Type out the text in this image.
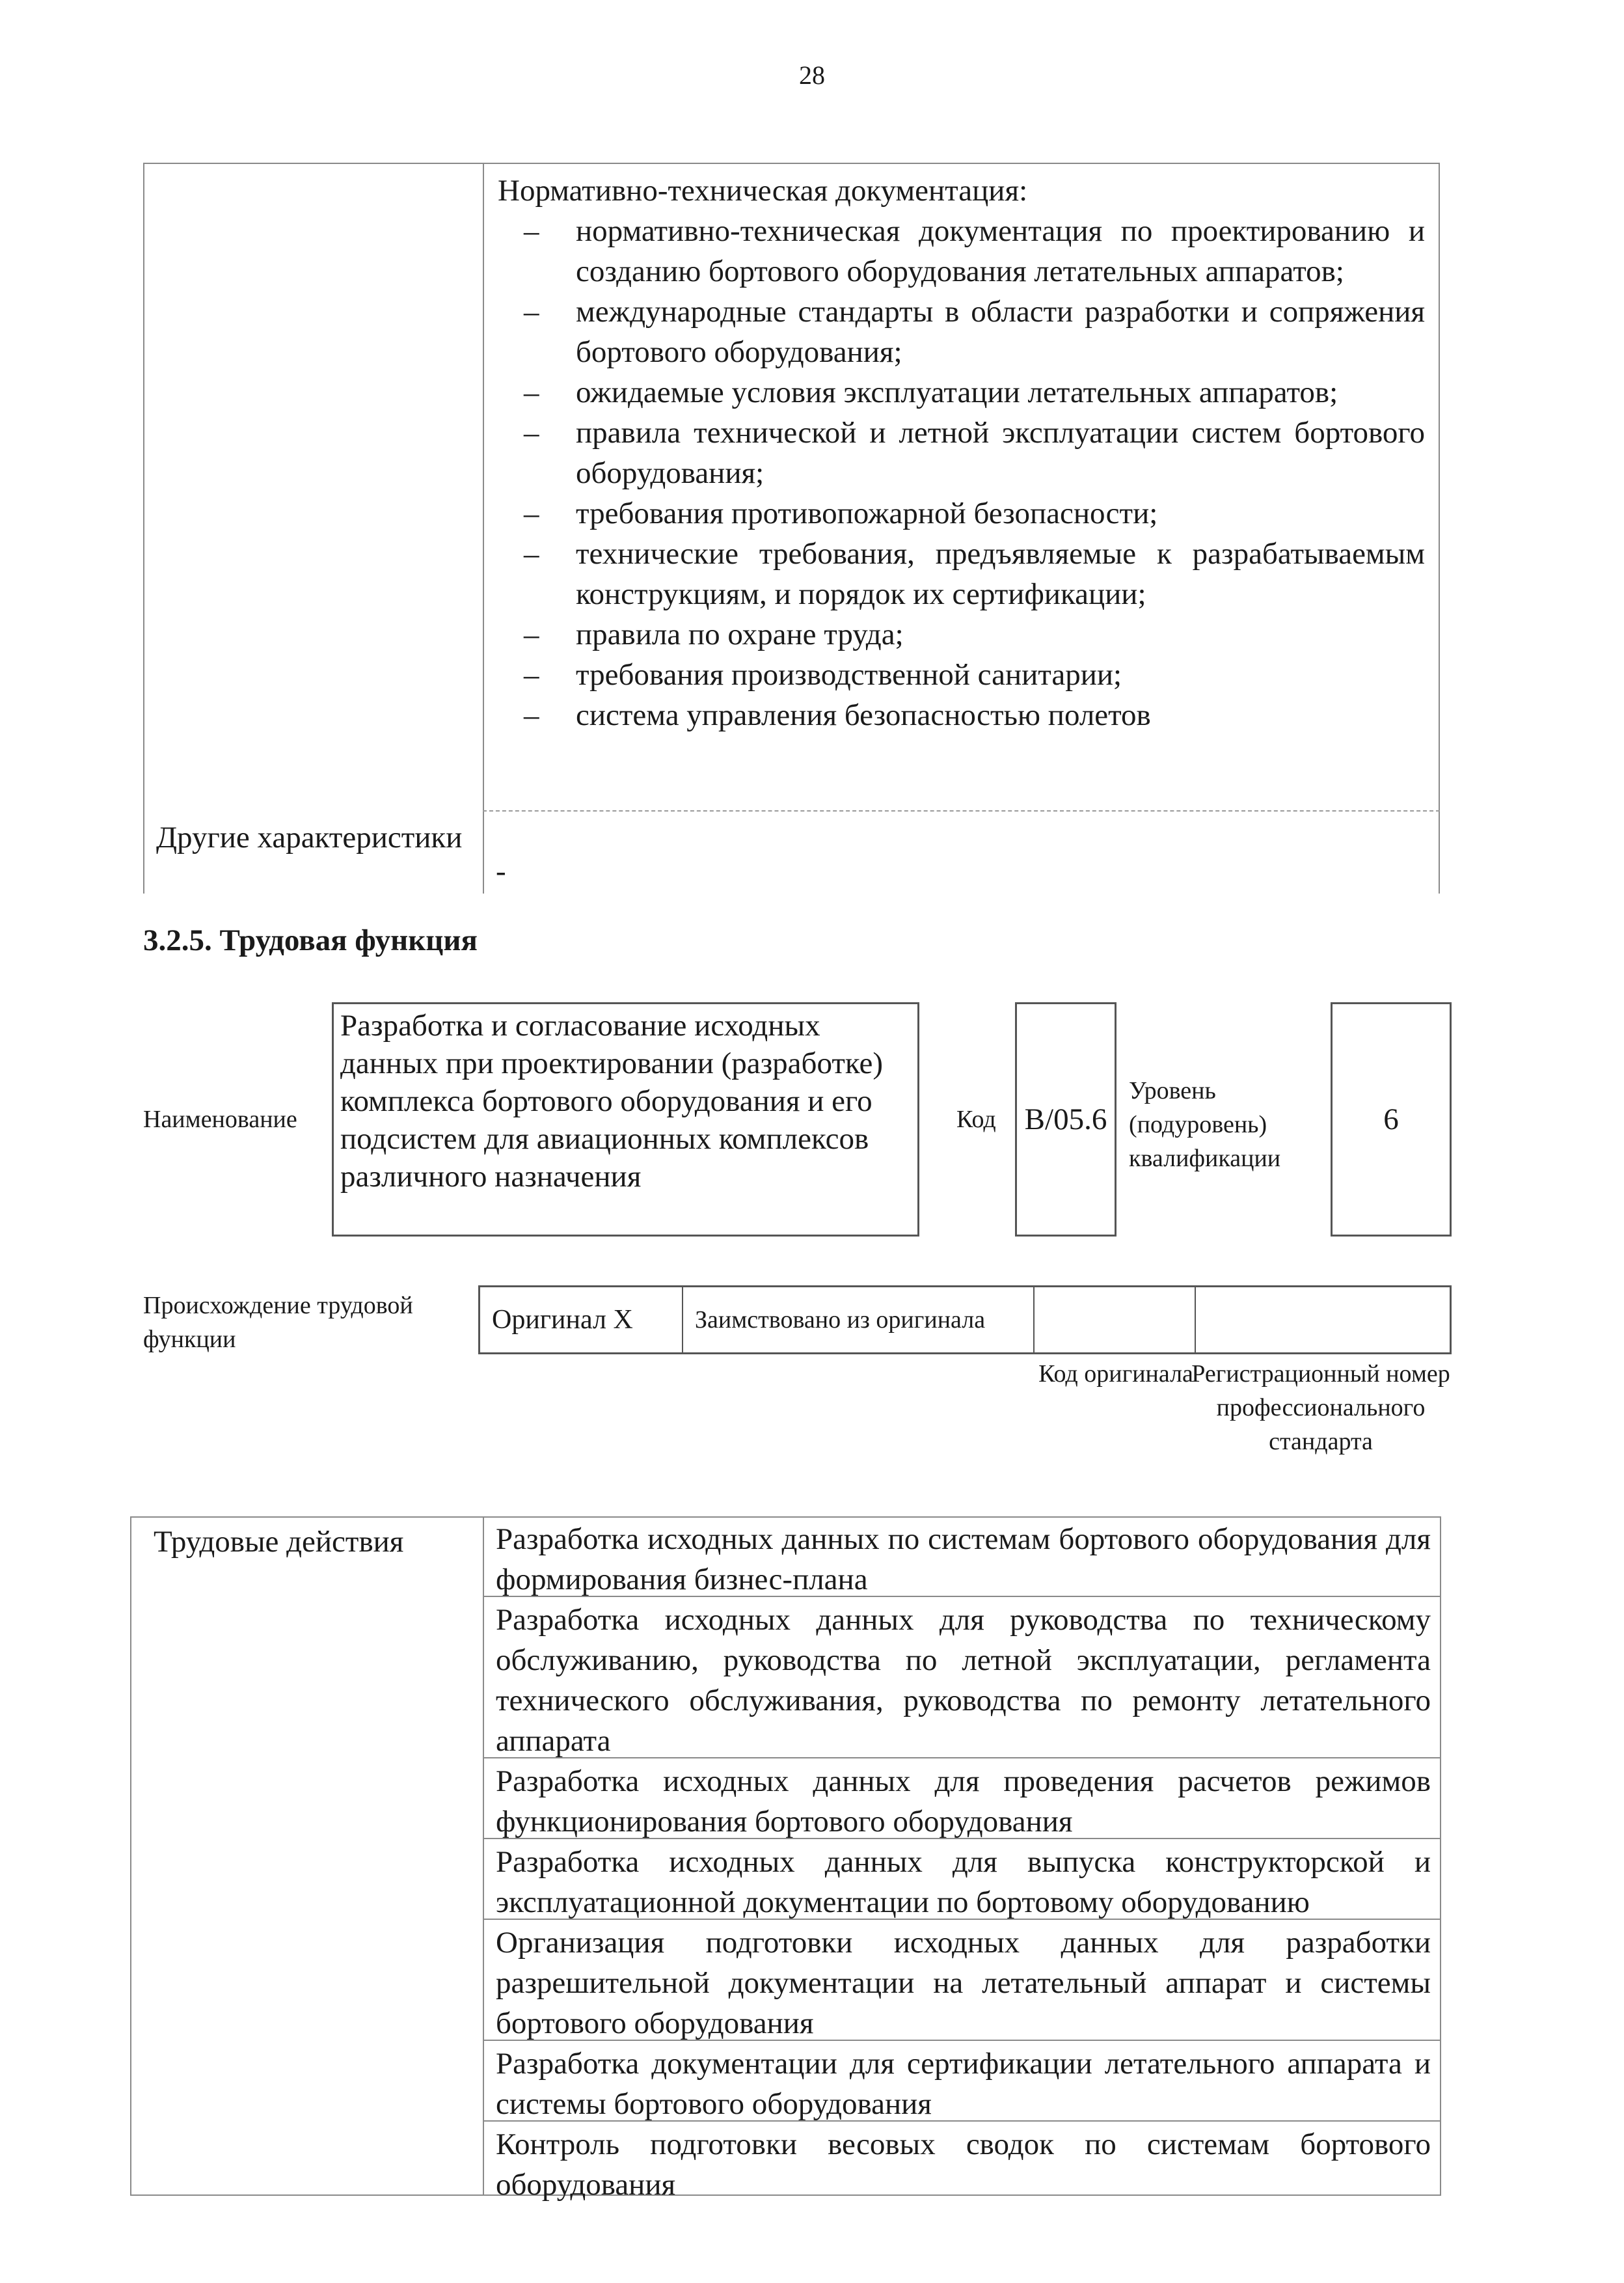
28
Нормативно-техническая документация:
– нормативно-техническая документация по проектированию и созданию бортового оборудования летательных аппаратов;
– международные стандарты в области разработки и сопряжения бортового оборудования;
– ожидаемые условия эксплуатации летательных аппаратов;
– правила технической и летной эксплуатации систем бортового оборудования;
– требования противопожарной безопасности;
– технические требования, предъявляемые к разрабатываемым конструкциям, и порядок их сертификации;
– правила по охране труда;
– требования производственной санитарии;
– система управления безопасностью полетов
Другие характеристики
-
3.2.5. Трудовая функция
Наименование
Разработка и согласование исходных данных при проектировании (разработке) комплекса бортового оборудования и его подсистем для авиационных комплексов различного назначения
Код B/05.6
Уровень (подуровень) квалификации
6
Происхождение трудовой функции
Оригинал X	Заимствовано из оригинала
Код оригинала
Регистрационный номер профессионального стандарта
Трудовые действия	Разработка исходных данных по системам бортового оборудования для формирования бизнес-плана
Разработка исходных данных для руководства по техническому обслуживанию, руководства по летной эксплуатации, регламента технического обслуживания, руководства по ремонту летательного аппарата
Разработка исходных данных для проведения расчетов режимов функционирования бортового оборудования
Разработка исходных данных для выпуска конструкторской и эксплуатационной документации по бортовому оборудованию
Организация подготовки исходных данных для разработки разрешительной документации на летательный аппарат и системы бортового оборудования
Разработка документации для сертификации летательного аппарата и системы бортового оборудования
Контроль подготовки весовых сводок по системам бортового оборудования
